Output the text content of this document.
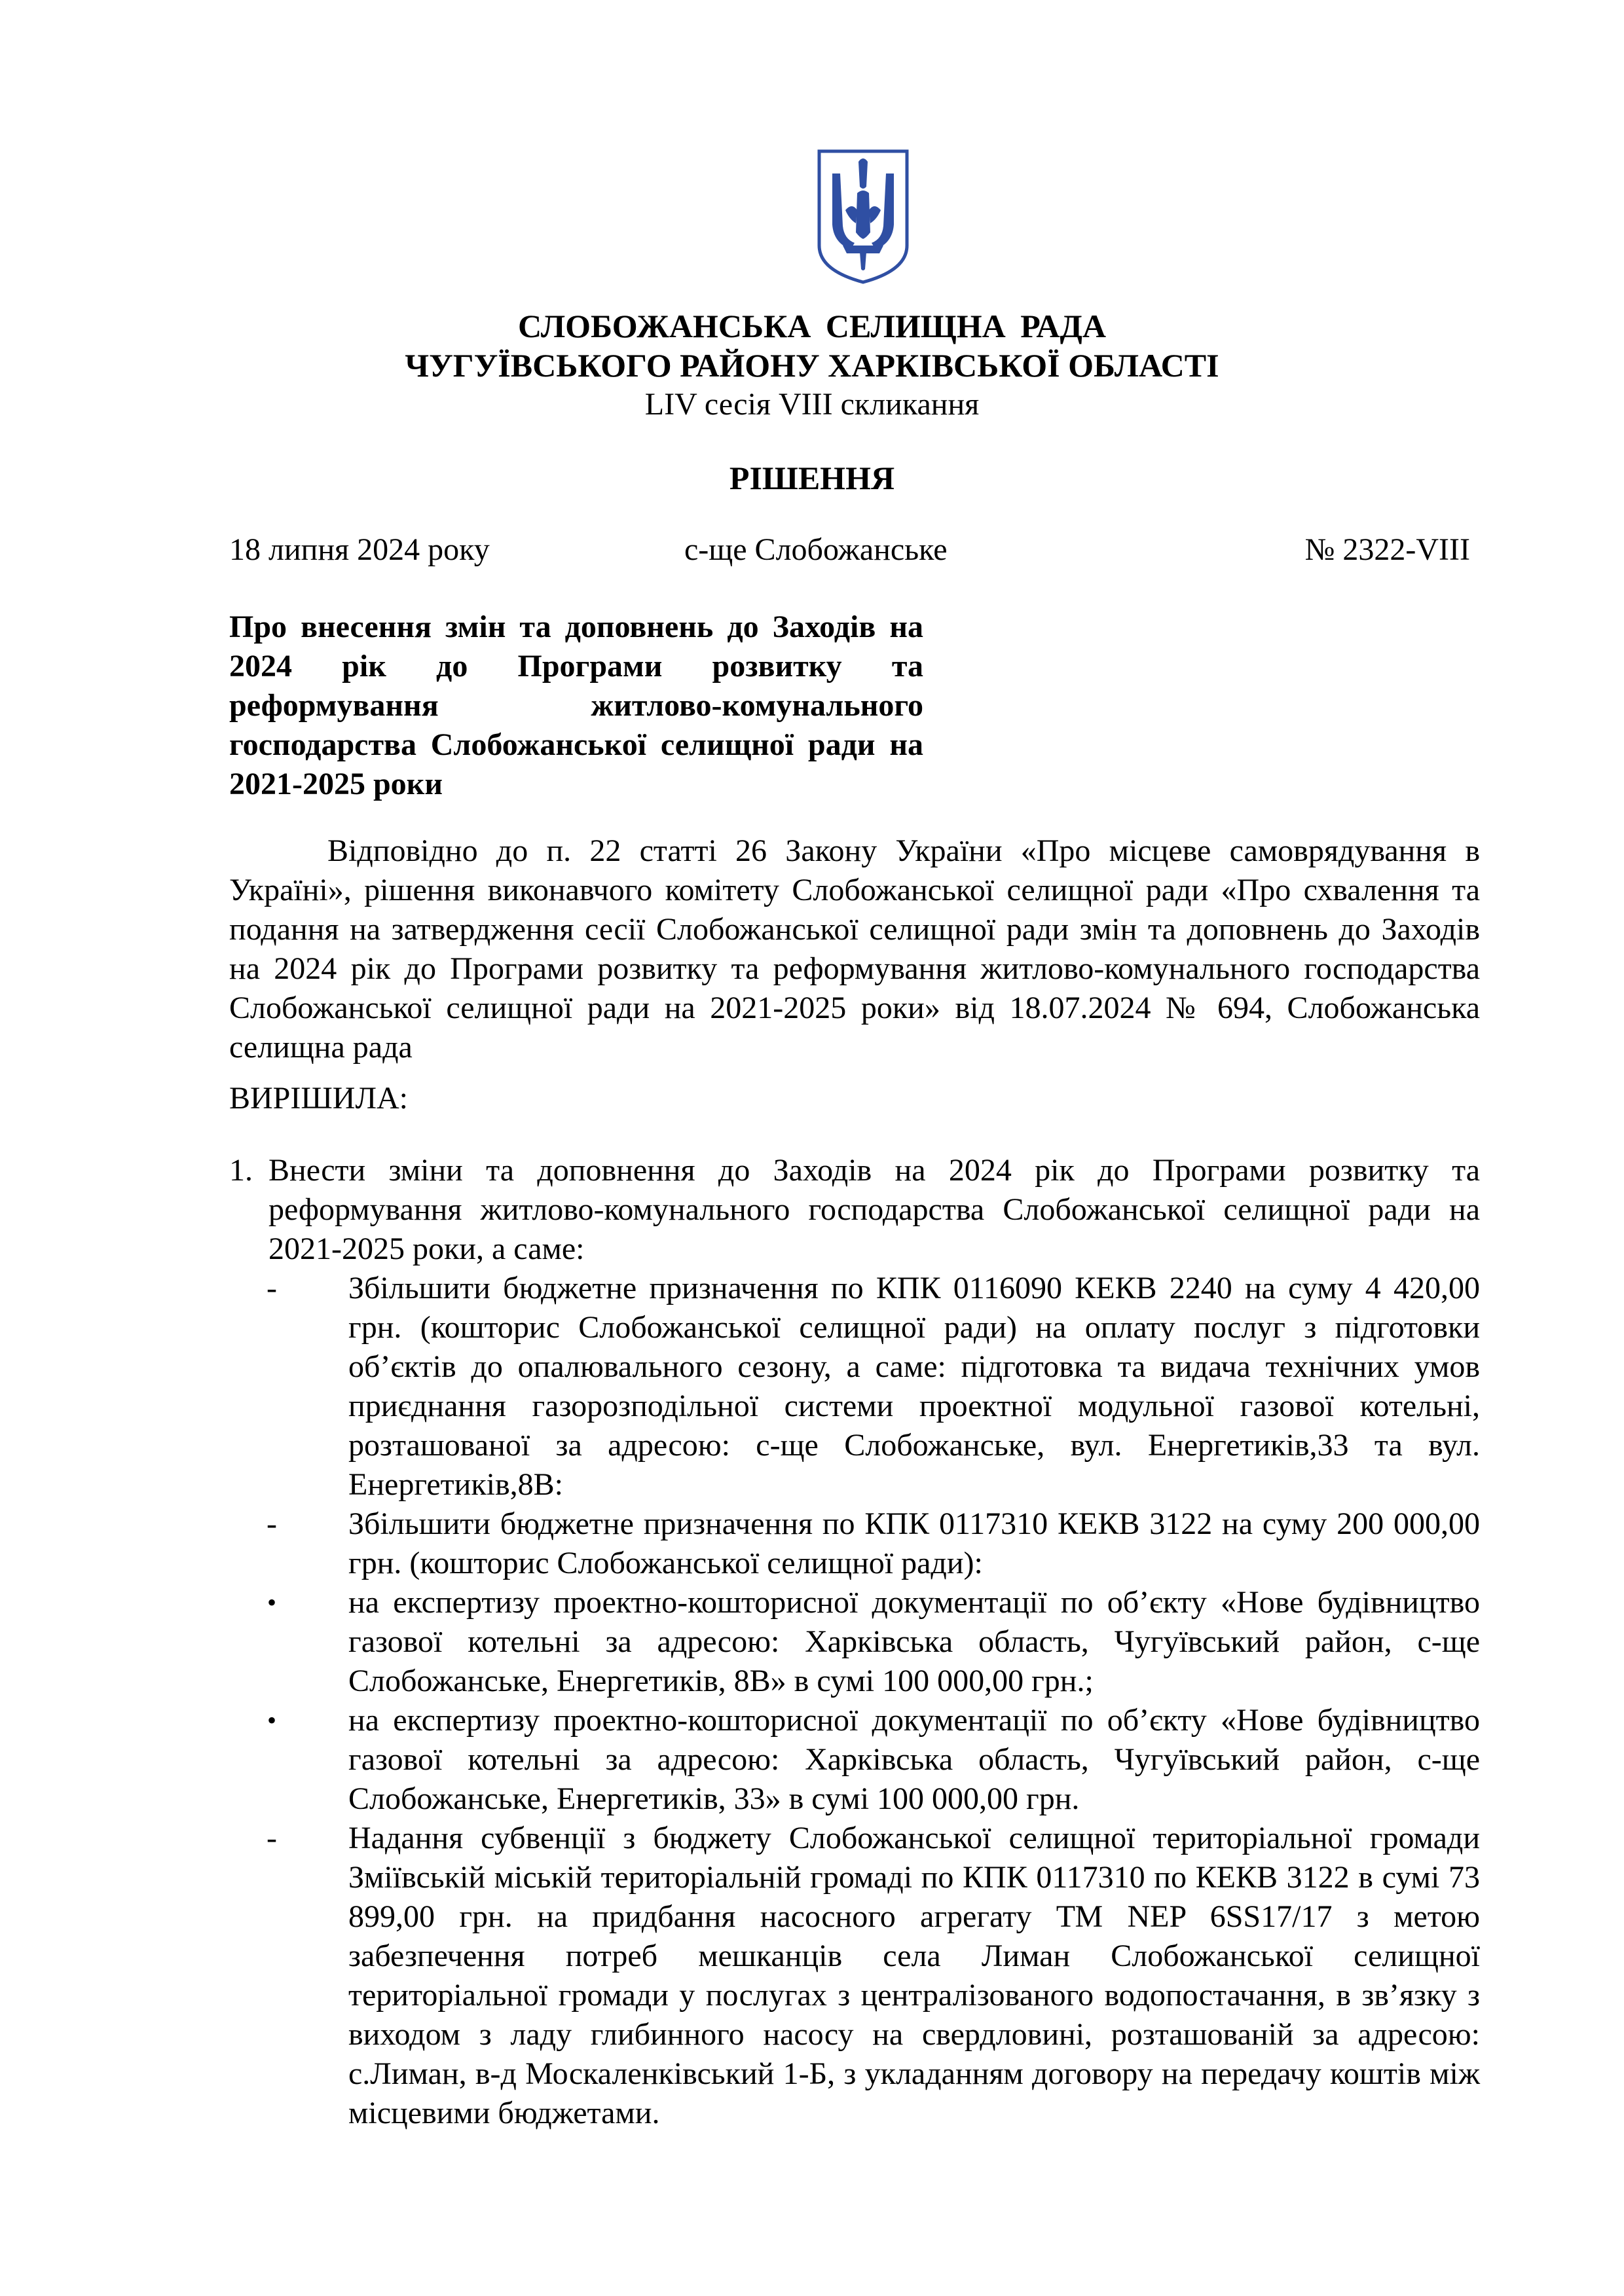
СЛОБОЖАНСЬКА СЕЛИЩНА РАДА
ЧУГУЇВСЬКОГО РАЙОНУ ХАРКІВСЬКОЇ ОБЛАСТІ
LIV сесія VIII скликання
РІШЕННЯ
18 липня 2024 року	с-ще Слобожанське	№ 2322-VIII
Про внесення змін та доповнень до Заходів на 2024 рік до Програми розвитку та реформування житлово-комунального господарства Слобожанської селищної ради на 2021-2025 роки
Відповідно до п. 22 статті 26 Закону України «Про місцеве самоврядування в Україні», рішення виконавчого комітету Слобожанської селищної ради «Про схвалення та подання на затвердження сесії Слобожанської селищної ради змін та доповнень до Заходів на 2024 рік до Програми розвитку та реформування житлово-комунального господарства Слобожанської селищної ради на 2021-2025 роки» від 18.07.2024 № 694, Слобожанська селищна рада
ВИРІШИЛА:
1. Внести зміни та доповнення до Заходів на 2024 рік до Програми розвитку та реформування житлово-комунального господарства Слобожанської селищної ради на 2021-2025 роки, а саме:
- Збільшити бюджетне призначення по КПК 0116090 КЕКВ 2240 на суму 4 420,00 грн. (кошторис Слобожанської селищної ради) на оплату послуг з підготовки об’єктів до опалювального сезону, а саме: підготовка та видача технічних умов приєднання газорозподільної системи проектної модульної газової котельні, розташованої за адресою: с-ще Слобожанське, вул. Енергетиків,33 та вул. Енергетиків,8В:
- Збільшити бюджетне призначення по КПК 0117310 КЕКВ 3122 на суму 200 000,00 грн. (кошторис Слобожанської селищної ради):
• на експертизу проектно-кошторисної документації по об’єкту «Нове будівництво газової котельні за адресою: Харківська область, Чугуївський район, с-ще Слобожанське, Енергетиків, 8В» в сумі 100 000,00 грн.;
• на експертизу проектно-кошторисної документації по об’єкту «Нове будівництво газової котельні за адресою: Харківська область, Чугуївський район, с-ще Слобожанське, Енергетиків, 33» в сумі 100 000,00 грн.
- Надання субвенції з бюджету Слобожанської селищної територіальної громади Зміївській міській територіальній громаді по КПК 0117310 по КЕКВ 3122 в сумі 73 899,00 грн. на придбання насосного агрегату ТМ NEP 6SS17/17 з метою забезпечення потреб мешканців села Лиман Слобожанської селищної територіальної громади у послугах з централізованого водопостачання, в зв’язку з виходом з ладу глибинного насосу на свердловині, розташованій за адресою: с.Лиман, в-д Москаленківський 1-Б, з укладанням договору на передачу коштів між місцевими бюджетами.
